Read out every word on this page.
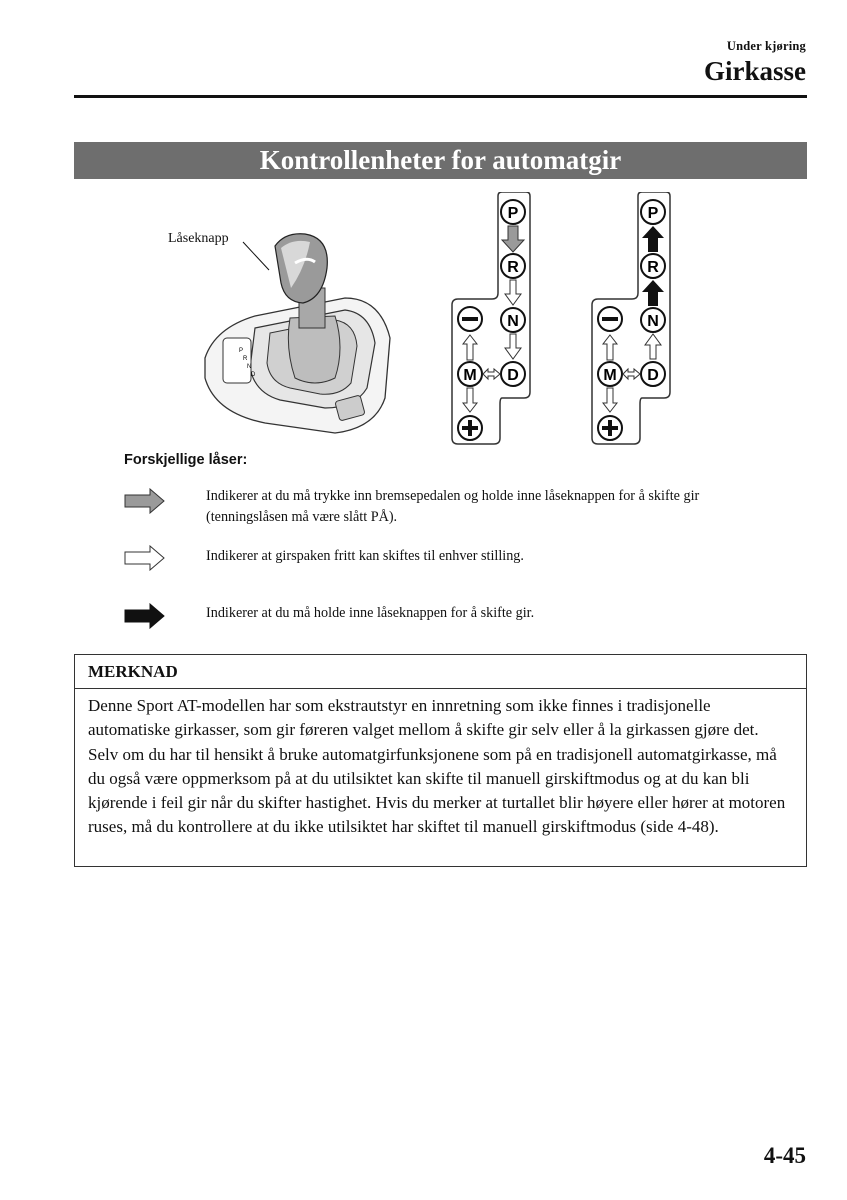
Under kjøring
Girkasse
Kontrollenheter for automatgir
Låseknapp
P
R
N
D
P
R
N
D
M
P
R
N
D
M
Forskjellige låser:
Indikerer at du må trykke inn bremsepedalen og holde inne låseknappen for å skifte gir (tenningslåsen må være slått PÅ).
Indikerer at girspaken fritt kan skiftes til enhver stilling.
Indikerer at du må holde inne låseknappen for å skifte gir.
MERKNAD
Denne Sport AT-modellen har som ekstrautstyr en innretning som ikke finnes i tradisjonelle automatiske girkasser, som gir føreren valget mellom å skifte gir selv eller å la girkassen gjøre det. Selv om du har til hensikt å bruke automatgirfunksjonene som på en tradisjonell automatgirkasse, må du også være oppmerksom på at du utilsiktet kan skifte til manuell girskiftmodus og at du kan bli kjørende i feil gir når du skifter hastighet. Hvis du merker at turtallet blir høyere eller hører at motoren ruses, må du kontrollere at du ikke utilsiktet har skiftet til manuell girskiftmodus (side 4-48).
4-45
